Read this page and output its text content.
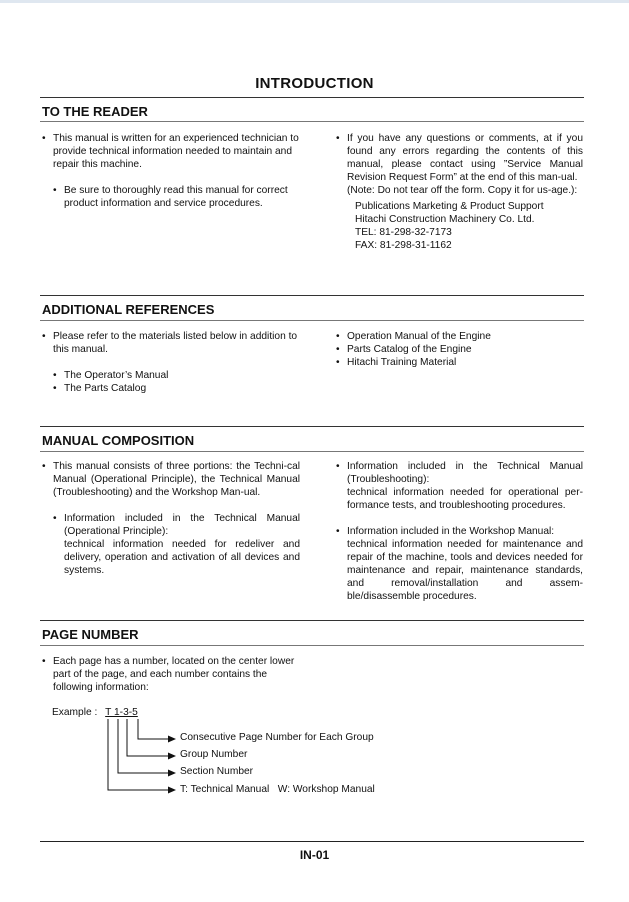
INTRODUCTION
TO THE READER
• This manual is written for an experienced technician to provide technical information needed to maintain and repair this machine.
• Be sure to thoroughly read this manual for correct product information and service procedures.
• If you have any questions or comments, at if you found any errors regarding the contents of this manual, please contact using ”Service Manual Revision Request Form” at the end of this man-ual.
(Note: Do not tear off the form. Copy it for us-age.):
Publications Marketing & Product Support
Hitachi Construction Machinery Co. Ltd.
TEL: 81-298-32-7173
FAX: 81-298-31-1162
ADDITIONAL REFERENCES
• Please refer to the materials listed below in addition to this manual.
• The Operator’s Manual
• The Parts Catalog
• Operation Manual of the Engine
• Parts Catalog of the Engine
• Hitachi Training Material
MANUAL COMPOSITION
• This manual consists of three portions: the Techni-cal Manual (Operational Principle), the Technical Manual (Troubleshooting) and the Workshop Man-ual.
• Information included in the Technical Manual (Operational Principle):
technical information needed for redeliver and delivery, operation and activation of all devices and systems.
• Information included in the Technical Manual (Troubleshooting):
technical information needed for operational per-formance tests, and troubleshooting procedures.
• Information included in the Workshop Manual:
technical information needed for maintenance and repair of the machine, tools and devices needed for maintenance and repair, maintenance standards, and removal/installation and assem-ble/disassemble procedures.
PAGE NUMBER
• Each page has a number, located on the center lower part of the page, and each number contains the following information:
Example : T 1-3-5
Consecutive Page Number for Each Group
Group Number
Section Number
T: Technical Manual   W: Workshop Manual
IN-01
